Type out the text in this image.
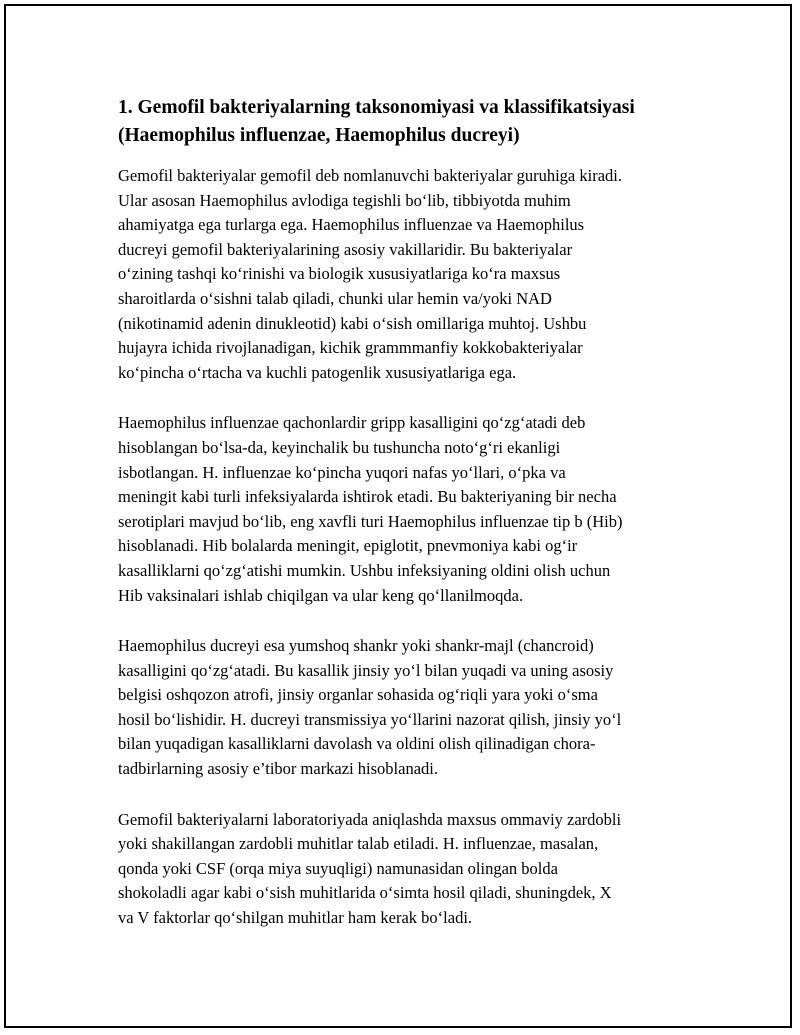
1. Gemofil bakteriyalarning taksonomiyasi va klassifikatsiyasi
(Haemophilus influenzae, Haemophilus ducreyi)

Gemofil bakteriyalar gemofil deb nomlanuvchi bakteriyalar guruhiga kiradi.
Ular asosan Haemophilus avlodiga tegishli bo‘lib, tibbiyotda muhim
ahamiyatga ega turlarga ega. Haemophilus influenzae va Haemophilus
ducreyi gemofil bakteriyalarining asosiy vakillaridir. Bu bakteriyalar
o‘zining tashqi ko‘rinishi va biologik xususiyatlariga ko‘ra maxsus
sharoitlarda o‘sishni talab qiladi, chunki ular hemin va/yoki NAD
(nikotinamid adenin dinukleotid) kabi o‘sish omillariga muhtoj. Ushbu
hujayra ichida rivojlanadigan, kichik grammmanfiy kokkobakteriyalar
ko‘pincha o‘rtacha va kuchli patogenlik xususiyatlariga ega.

Haemophilus influenzae qachonlardir gripp kasalligini qo‘zg‘atadi deb
hisoblangan bo‘lsa-da, keyinchalik bu tushuncha noto‘g‘ri ekanligi
isbotlangan. H. influenzae ko‘pincha yuqori nafas yo‘llari, o‘pka va
meningit kabi turli infeksiyalarda ishtirok etadi. Bu bakteriyaning bir necha
serotiplari mavjud bo‘lib, eng xavfli turi Haemophilus influenzae tip b (Hib)
hisoblanadi. Hib bolalarda meningit, epiglotit, pnevmoniya kabi og‘ir
kasalliklarni qo‘zg‘atishi mumkin. Ushbu infeksiyaning oldini olish uchun
Hib vaksinalari ishlab chiqilgan va ular keng qo‘llanilmoqda.

Haemophilus ducreyi esa yumshoq shankr yoki shankr-majl (chancroid)
kasalligini qo‘zg‘atadi. Bu kasallik jinsiy yo‘l bilan yuqadi va uning asosiy
belgisi oshqozon atrofi, jinsiy organlar sohasida og‘riqli yara yoki o‘sma
hosil bo‘lishidir. H. ducreyi transmissiya yo‘llarini nazorat qilish, jinsiy yo‘l
bilan yuqadigan kasalliklarni davolash va oldini olish qilinadigan chora-
tadbirlarning asosiy e’tibor markazi hisoblanadi.

Gemofil bakteriyalarni laboratoriyada aniqlashda maxsus ommaviy zardobli
yoki shakillangan zardobli muhitlar talab etiladi. H. influenzae, masalan,
qonda yoki CSF (orqa miya suyuqligi) namunasidan olingan bolda
shokoladli agar kabi o‘sish muhitlarida o‘simta hosil qiladi, shuningdek, X
va V faktorlar qo‘shilgan muhitlar ham kerak bo‘ladi.
